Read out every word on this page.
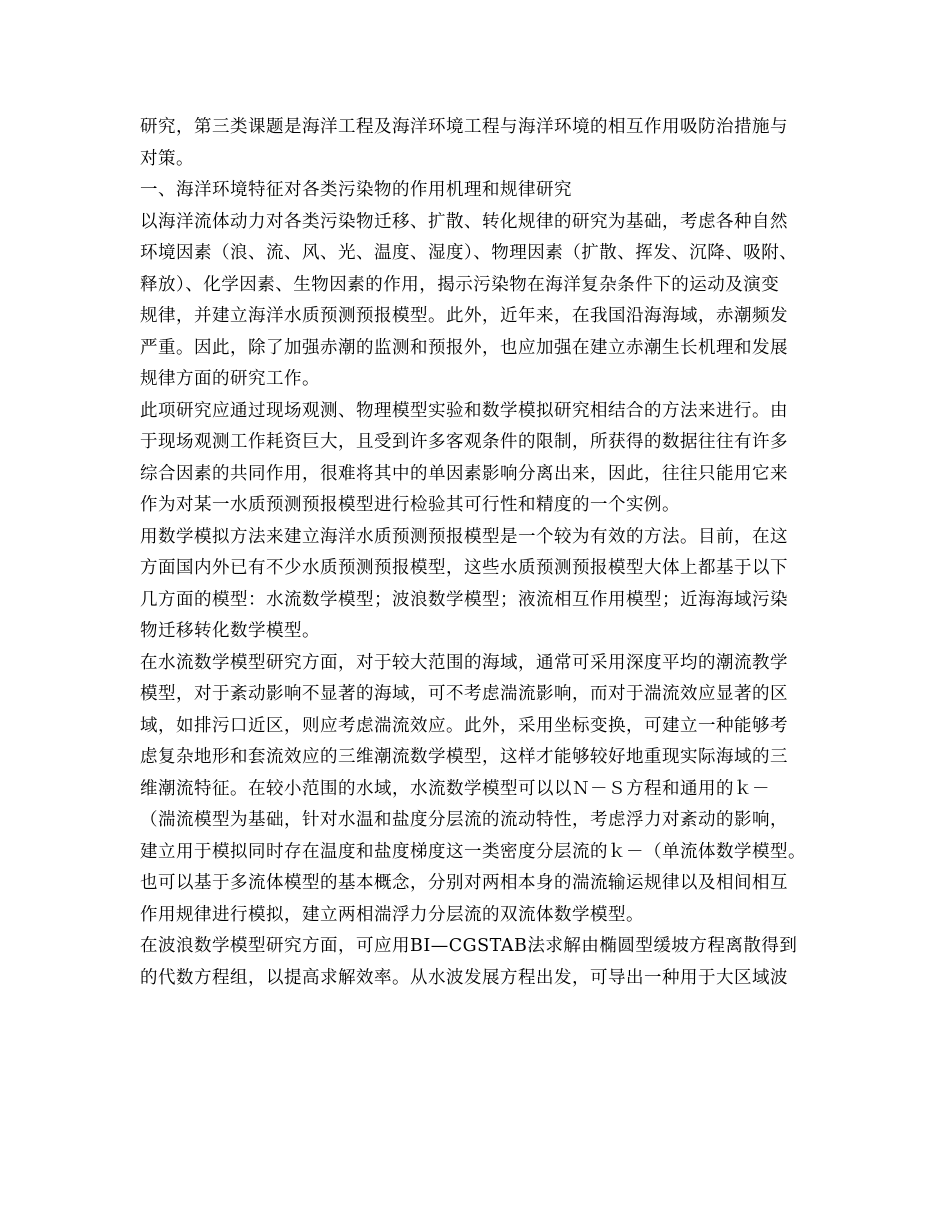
研究，第三类课题是海洋工程及海洋环境工程与海洋环境的相互作用吸防治措施与
对策。
一、海洋环境特征对各类污染物的作用机理和规律研究
以海洋流体动力对各类污染物迁移、扩散、转化规律的研究为基础，考虑各种自然
环境因素（浪、流、风、光、温度、湿度）、物理因素（扩散、挥发、沉降、吸附、
释放）、化学因素、生物因素的作用，揭示污染物在海洋复杂条件下的运动及演变
规律，并建立海洋水质预测预报模型。此外，近年来，在我国沿海海域，赤潮频发
严重。因此，除了加强赤潮的监测和预报外，也应加强在建立赤潮生长机理和发展
规律方面的研究工作。
此项研究应通过现场观测、物理模型实验和数学模拟研究相结合的方法来进行。由
于现场观测工作耗资巨大，且受到许多客观条件的限制，所获得的数据往往有许多
综合因素的共同作用，很难将其中的单因素影响分离出来，因此，往往只能用它来
作为对某一水质预测预报模型进行检验其可行性和精度的一个实例。
用数学模拟方法来建立海洋水质预测预报模型是一个较为有效的方法。目前，在这
方面国内外已有不少水质预测预报模型，这些水质预测预报模型大体上都基于以下
几方面的模型：水流数学模型；波浪数学模型；液流相互作用模型；近海海域污染
物迁移转化数学模型。
在水流数学模型研究方面，对于较大范围的海域，通常可采用深度平均的潮流教学
模型，对于紊动影响不显著的海域，可不考虑湍流影响，而对于湍流效应显著的区
域，如排污口近区，则应考虑湍流效应。此外，采用坐标变换，可建立一种能够考
虑复杂地形和套流效应的三维潮流数学模型，这样才能够较好地重现实际海域的三
维潮流特征。在较小范围的水域，水流数学模型可以以Ｎ－Ｓ方程和通用的ｋ－
（湍流模型为基础，针对水温和盐度分层流的流动特性，考虑浮力对紊动的影响，
建立用于模拟同时存在温度和盐度梯度这一类密度分层流的ｋ－（单流体数学模型。
也可以基于多流体模型的基本概念，分别对两相本身的湍流输运规律以及相间相互
作用规律进行模拟，建立两相湍浮力分层流的双流体数学模型。
在波浪数学模型研究方面，可应用BI—CGSTAB法求解由椭圆型缓坡方程离散得到
的代数方程组，以提高求解效率。从水波发展方程出发，可导出一种用于大区域波
